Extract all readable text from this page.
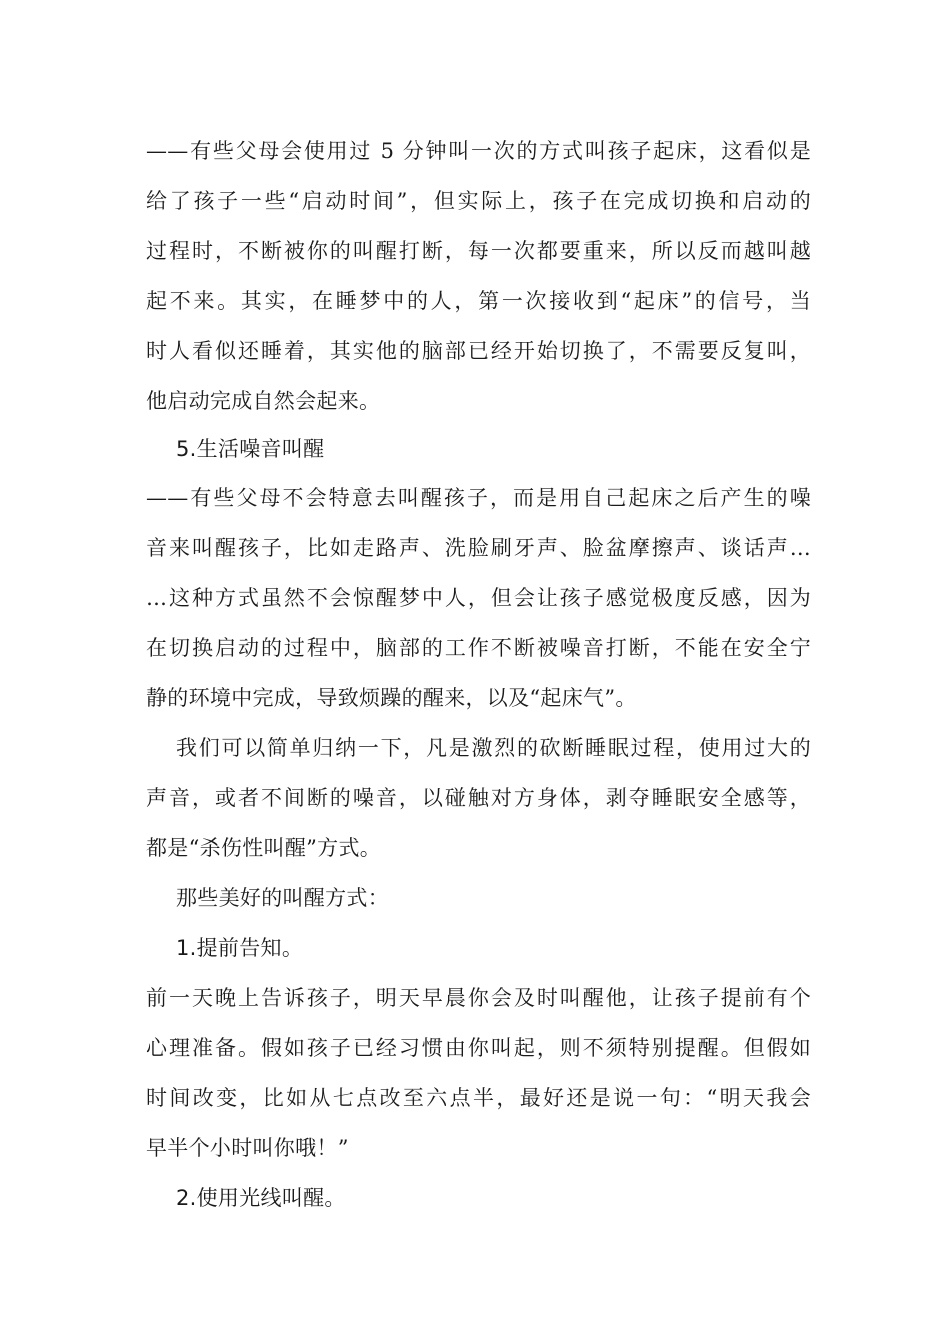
——有些父母会使用过 5 分钟叫一次的方式叫孩子起床，这看似是
给了孩子一些“启动时间”，但实际上，孩子在完成切换和启动的
过程时，不断被你的叫醒打断，每一次都要重来，所以反而越叫越
起不来。其实，在睡梦中的人，第一次接收到“起床”的信号，当
时人看似还睡着，其实他的脑部已经开始切换了，不需要反复叫，
他启动完成自然会起来。
5.生活噪音叫醒
——有些父母不会特意去叫醒孩子，而是用自己起床之后产生的噪
音来叫醒孩子，比如走路声、洗脸刷牙声、脸盆摩擦声、谈话声…
…这种方式虽然不会惊醒梦中人，但会让孩子感觉极度反感，因为
在切换启动的过程中，脑部的工作不断被噪音打断，不能在安全宁
静的环境中完成，导致烦躁的醒来，以及“起床气”。
我们可以简单归纳一下，凡是激烈的砍断睡眠过程，使用过大的
声音，或者不间断的噪音，以碰触对方身体，剥夺睡眠安全感等，
都是“杀伤性叫醒”方式。
那些美好的叫醒方式：
1.提前告知。
前一天晚上告诉孩子，明天早晨你会及时叫醒他，让孩子提前有个
心理准备。假如孩子已经习惯由你叫起，则不须特别提醒。但假如
时间改变，比如从七点改至六点半，最好还是说一句：“明天我会
早半个小时叫你哦！”
2.使用光线叫醒。
